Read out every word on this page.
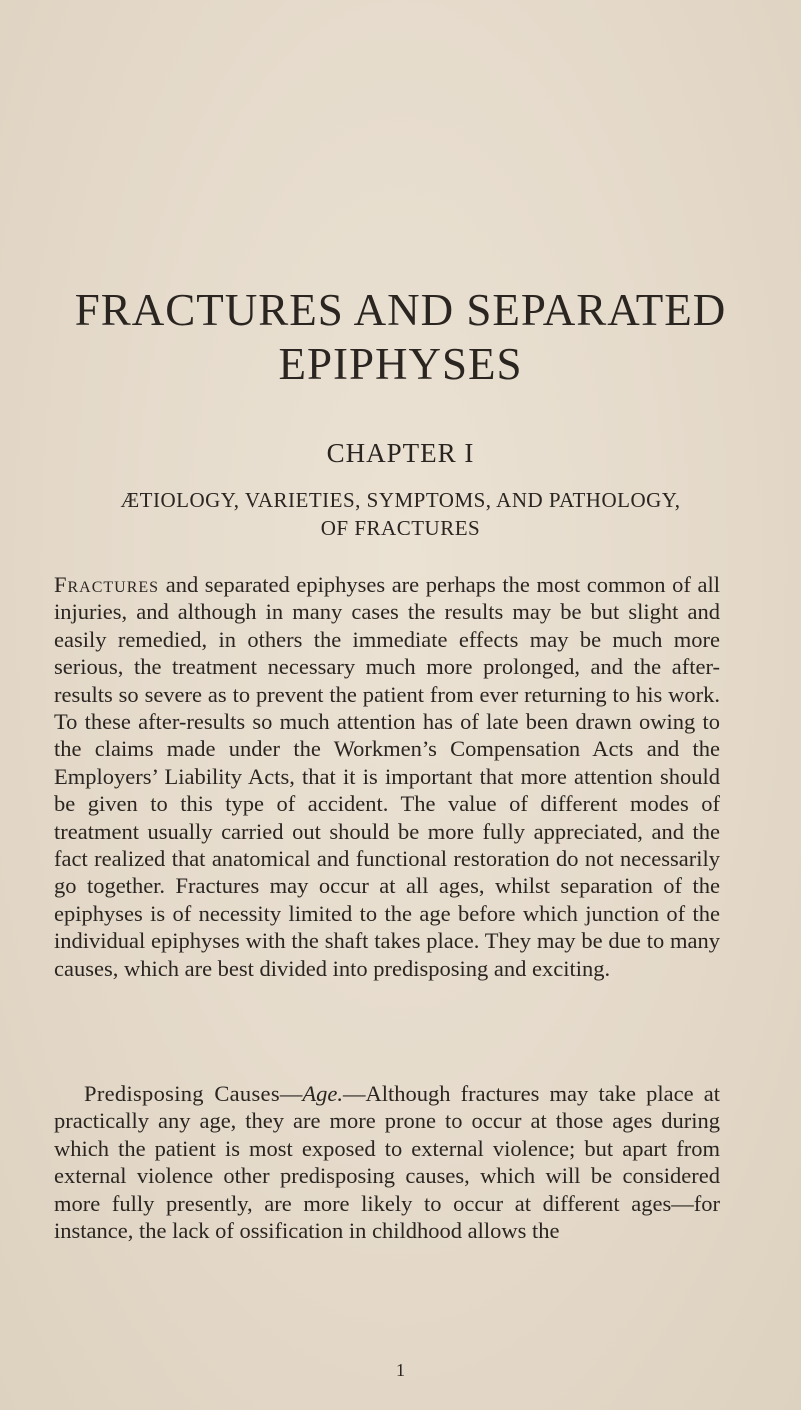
FRACTURES AND SEPARATED
EPIPHYSES
CHAPTER I
ÆTIOLOGY, VARIETIES, SYMPTOMS, AND PATHOLOGY,
OF FRACTURES

Fractures and separated epiphyses are perhaps the most common of all injuries, and although in many cases the results may be but slight and easily remedied, in others the immediate effects may be much more serious, the treatment necessary much more prolonged, and the after-results so severe as to prevent the patient from ever returning to his work. To these after-results so much attention has of late been drawn owing to the claims made under the Workmen’s Compensation Acts and the Employers’ Liability Acts, that it is important that more attention should be given to this type of accident. The value of different modes of treatment usually carried out should be more fully appreciated, and the fact realized that anatomical and functional restoration do not necessarily go together. Fractures may occur at all ages, whilst separation of the epiphyses is of necessity limited to the age before which junction of the individual epiphyses with the shaft takes place. They may be due to many causes, which are best divided into predisposing and exciting.

Predisposing Causes—Age.—Although fractures may take place at practically any age, they are more prone to occur at those ages during which the patient is most exposed to external violence; but apart from external violence other predisposing causes, which will be considered more fully presently, are more likely to occur at different ages—for instance, the lack of ossification in childhood allows the

1
